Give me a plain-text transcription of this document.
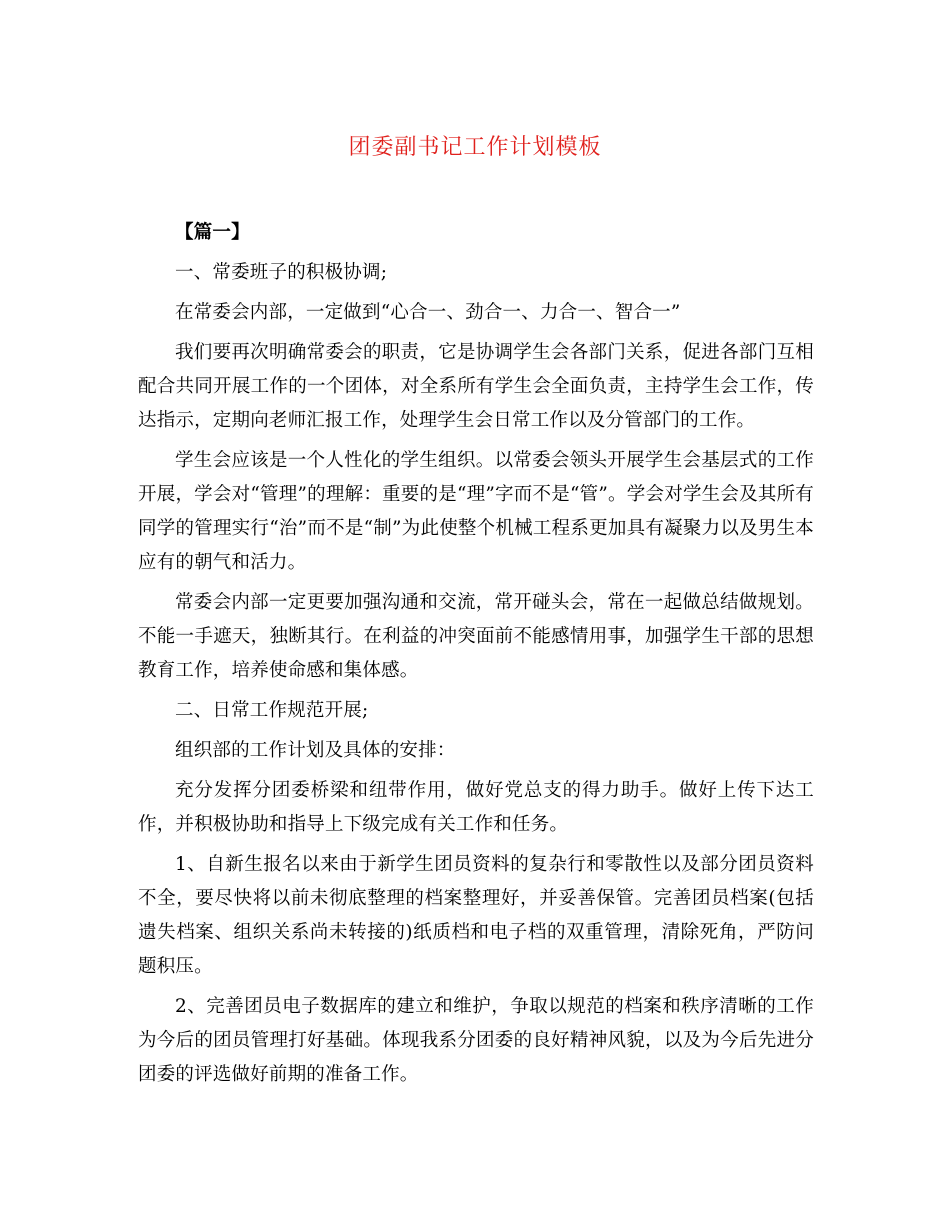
团委副书记工作计划模板

【篇一】

一、常委班子的积极协调;

在常委会内部，一定做到“心合一、劲合一、力合一、智合一”

我们要再次明确常委会的职责，它是协调学生会各部门关系，促进各部门互相配合共同开展工作的一个团体，对全系所有学生会全面负责，主持学生会工作，传达指示，定期向老师汇报工作，处理学生会日常工作以及分管部门的工作。

学生会应该是一个人性化的学生组织。以常委会领头开展学生会基层式的工作开展，学会对“管理”的理解：重要的是“理”字而不是“管”。学会对学生会及其所有同学的管理实行“治”而不是“制”为此使整个机械工程系更加具有凝聚力以及男生本应有的朝气和活力。

常委会内部一定更要加强沟通和交流，常开碰头会，常在一起做总结做规划。不能一手遮天，独断其行。在利益的冲突面前不能感情用事，加强学生干部的思想教育工作，培养使命感和集体感。

二、日常工作规范开展;

组织部的工作计划及具体的安排：

充分发挥分团委桥梁和纽带作用，做好党总支的得力助手。做好上传下达工作，并积极协助和指导上下级完成有关工作和任务。

1、自新生报名以来由于新学生团员资料的复杂行和零散性以及部分团员资料不全，要尽快将以前未彻底整理的档案整理好，并妥善保管。完善团员档案(包括遗失档案、组织关系尚未转接的)纸质档和电子档的双重管理，清除死角，严防问题积压。

2、完善团员电子数据库的建立和维护，争取以规范的档案和秩序清晰的工作为今后的团员管理打好基础。体现我系分团委的良好精神风貌，以及为今后先进分团委的评选做好前期的准备工作。
